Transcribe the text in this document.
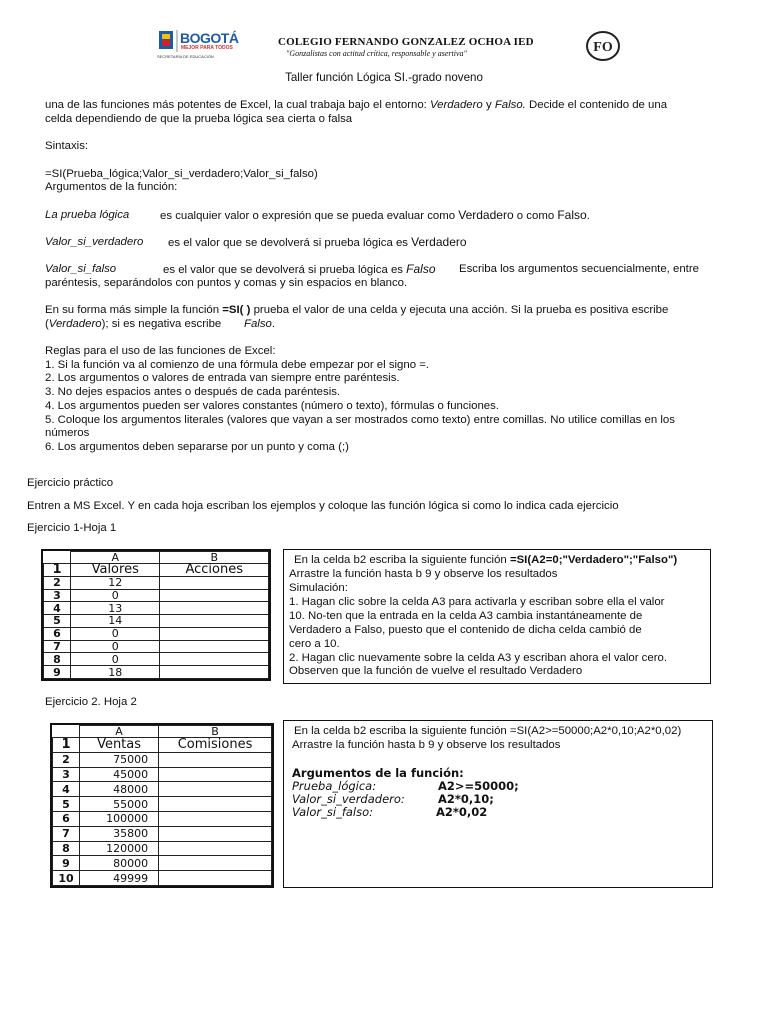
BOGOTÁ
MEJOR PARA TODOS
SECRETARÍA DE EDUCACIÓN
COLEGIO FERNANDO GONZALEZ OCHOA IED
"Gonzalistas con actitud crítica, responsable y asertiva"	FO
Taller función Lógica SI.-grado noveno
una de las funciones más potentes de Excel, la cual trabaja bajo el entorno: Verdadero y Falso. Decide el contenido de una
celda dependiendo de que la prueba lógica sea cierta o falsa
Sintaxis:
=SI(Prueba_lógica;Valor_si_verdadero;Valor_si_falso)
Argumentos de la función:
La prueba lógica	es cualquier valor o expresión que se pueda evaluar como Verdadero o como Falso.
Valor_si_verdadero es el valor que se devolverá si prueba lógica es Verdadero
Valor_si_falso	es el valor que se devolverá si prueba lógica es Falso Escriba los argumentos secuencialmente, entre
paréntesis, separándolos con puntos y comas y sin espacios en blanco.
En su forma más simple la función =SI( ) prueba el valor de una celda y ejecuta una acción. Si la prueba es positiva escribe
(Verdadero); si es negativa escribe Falso.
Reglas para el uso de las funciones de Excel:
1. Si la función va al comienzo de una fórmula debe empezar por el signo =.
2. Los argumentos o valores de entrada van siempre entre paréntesis.
3. No dejes espacios antes o después de cada paréntesis.
4. Los argumentos pueden ser valores constantes (número o texto), fórmulas o funciones.
5. Coloque los argumentos literales (valores que vayan a ser mostrados como texto) entre comillas. No utilice comillas en los
números
6. Los argumentos deben separarse por un punto y coma (;)
Ejercicio práctico
Entren a MS Excel. Y en cada hoja escriban los ejemplos y coloque las función lógica si como lo indica cada ejercicio
Ejercicio 1-Hoja 1
	A	B
1	Valores	Acciones
2	12	
3	0	
4	13	
5	14	
6	0	
7	0	
8	0	
9	18	
En la celda b2 escriba la siguiente función =SI(A2=0;"Verdadero";"Falso")
Arrastre la función hasta b 9 y observe los resultados
Simulación:
1. Hagan clic sobre la celda A3 para activarla y escriban sobre ella el valor
10. No-ten que la entrada en la celda A3 cambia instantáneamente de
Verdadero a Falso, puesto que el contenido de dicha celda cambió de
cero a 10.
2. Hagan clic nuevamente sobre la celda A3 y escriban ahora el valor cero.
Observen que la función de vuelve el resultado Verdadero
Ejercicio 2. Hoja 2
	A	B
1	Ventas	Comisiones
2	75000	
3	45000	
4	48000	
5	55000	
6	100000	
7	35800	
8	120000	
9	80000	
10	49999	
En la celda b2 escriba la siguiente función =SI(A2>=50000;A2*0,10;A2*0,02)
Arrastre la función hasta b 9 y observe los resultados
Argumentos de la función:
Prueba_lógica:	A2>=50000;
Valor_si_verdadero:	A2*0,10;
Valor_si_falso:	A2*0,02
